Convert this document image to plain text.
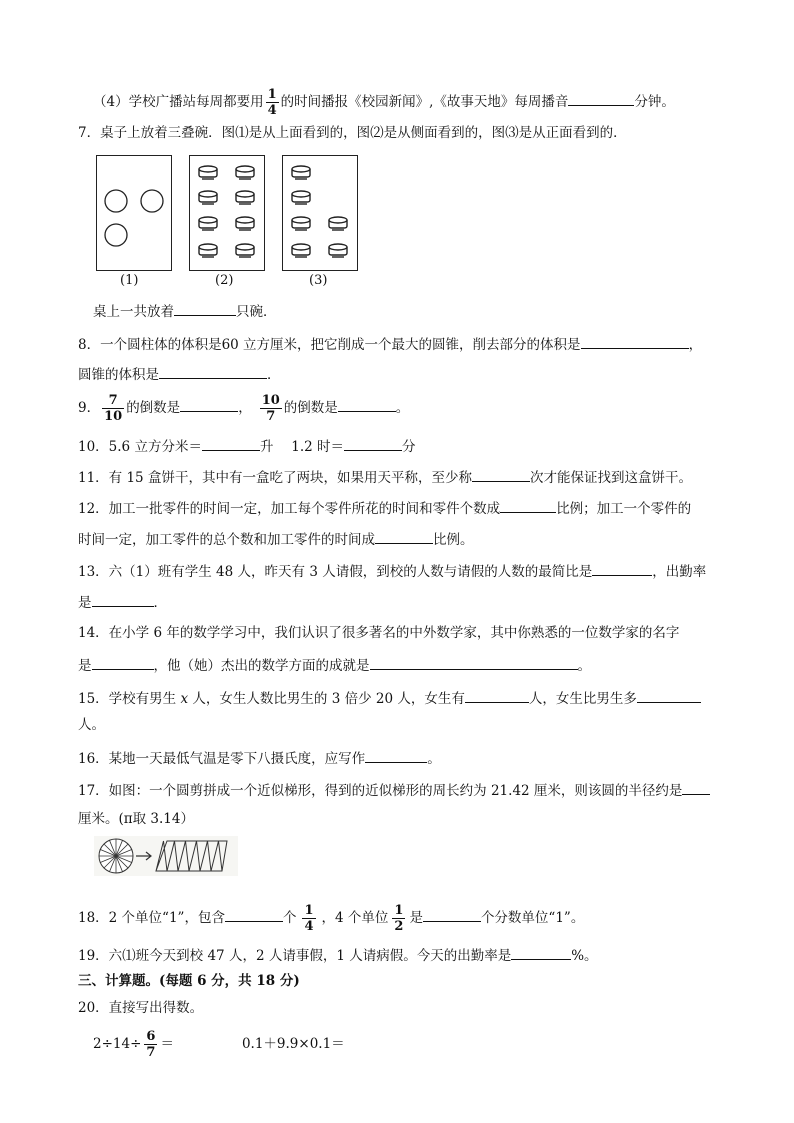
（4）学校广播站每周都要用 $\frac{1}{4}$ 的时间播报《校园新闻》,《故事天地》每周播音	分钟。
7．桌子上放着三叠碗．图⑴是从上面看到的，图⑵是从侧面看到的，图⑶是从正面看到的．
(1)	(2)	(3)
桌上一共放着	只碗．
8．一个圆柱体的体积是60 立方厘米，把它削成一个最大的圆锥，削去部分的体积是	，
圆锥的体积是	．
9． $\frac{7}{10}$ 的倒数是	， $\frac{10}{7}$ 的倒数是	。
10．5.6 立方分米＝	升　 1.2 时＝	分
11．有 15 盒饼干，其中有一盒吃了两块，如果用天平称，至少称	次才能保证找到这盒饼干。
12．加工一批零件的时间一定，加工每个零件所花的时间和零件个数成	比例；加工一个零件的
时间一定，加工零件的总个数和加工零件的时间成	比例。
13．六（1）班有学生 48 人，昨天有 3 人请假，到校的人数与请假的人数的最简比是	，出勤率
是	．
14．在小学 6 年的数学学习中，我们认识了很多著名的中外数学家，其中你熟悉的一位数学家的名字
是	，他（她）杰出的数学方面的成就是	。
15．学校有男生 x 人，女生人数比男生的 3 倍少 20 人，女生有	人，女生比男生多
人。
16．某地一天最低气温是零下八摄氏度，应写作	。
17．如图：一个圆剪拼成一个近似梯形，得到的近似梯形的周长约为 21.42 厘米，则该圆的半径约是
厘米。(π取 3.14）
18．2 个单位“1”，包含	个 $\frac{1}{4}$ ，4 个单位 $\frac{1}{2}$ 是	个分数单位“1”。
19．六⑴班今天到校 47 人，2 人请事假，1 人请病假。今天的出勤率是	%。
三、计算题。(每题 6 分，共 18 分)
20．直接写出得数。
$2\div 14\div \frac{6}{7}$ ＝	0.1＋9.9×0.1＝
